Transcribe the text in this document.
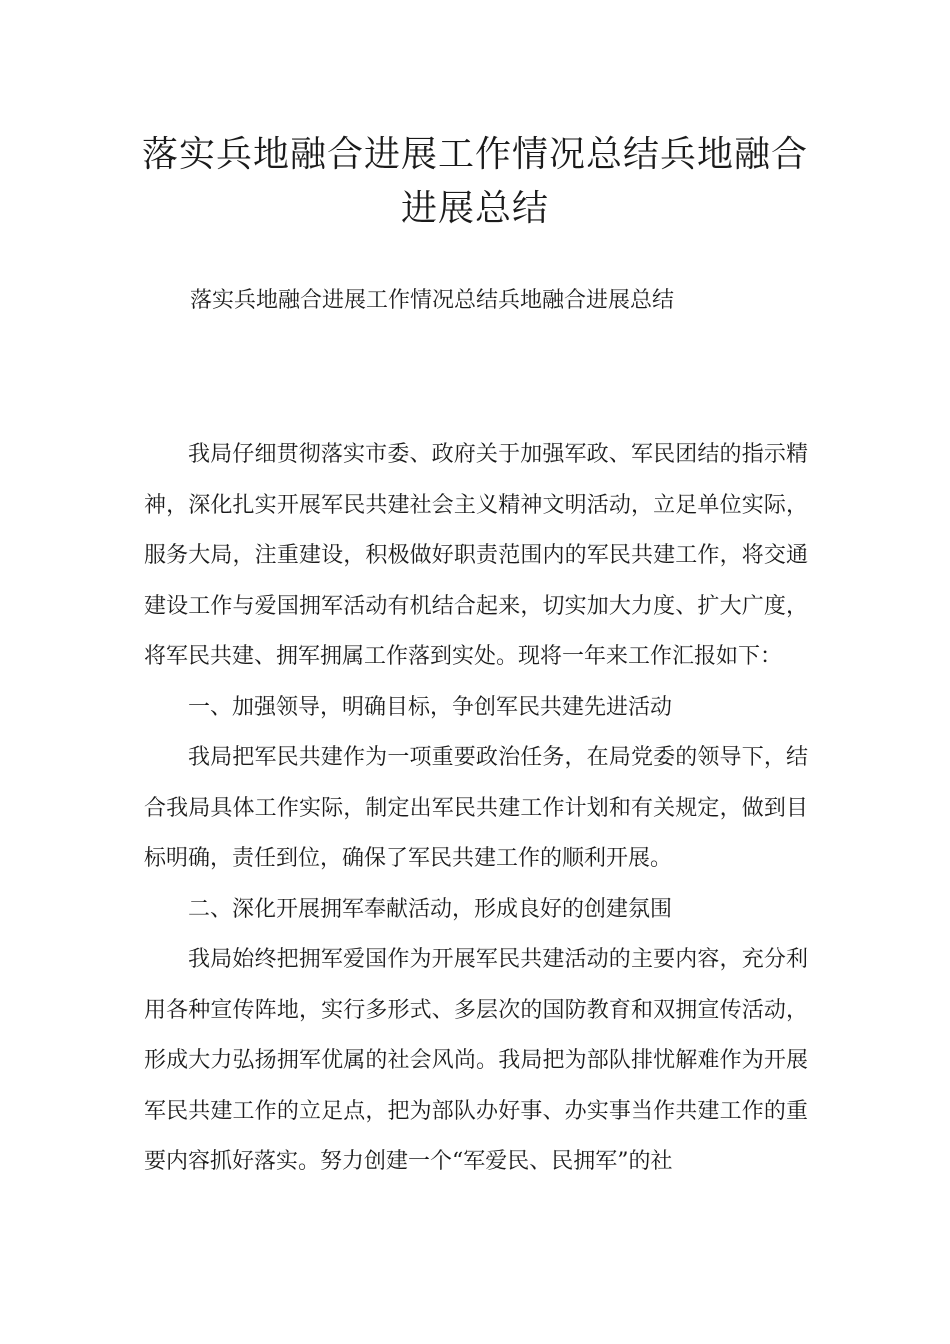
落实兵地融合进展工作情况总结兵地融合进展总结

落实兵地融合进展工作情况总结兵地融合进展总结

我局仔细贯彻落实市委、政府关于加强军政、军民团结的指示精神，深化扎实开展军民共建社会主义精神文明活动，立足单位实际，服务大局，注重建设，积极做好职责范围内的军民共建工作，将交通建设工作与爱国拥军活动有机结合起来，切实加大力度、扩大广度，将军民共建、拥军拥属工作落到实处。现将一年来工作汇报如下：

一、加强领导，明确目标，争创军民共建先进活动

我局把军民共建作为一项重要政治任务，在局党委的领导下，结合我局具体工作实际，制定出军民共建工作计划和有关规定，做到目标明确，责任到位，确保了军民共建工作的顺利开展。

二、深化开展拥军奉献活动，形成良好的创建氛围

我局始终把拥军爱国作为开展军民共建活动的主要内容，充分利用各种宣传阵地，实行多形式、多层次的国防教育和双拥宣传活动，形成大力弘扬拥军优属的社会风尚。我局把为部队排忧解难作为开展军民共建工作的立足点，把为部队办好事、办实事当作共建工作的重要内容抓好落实。努力创建一个“军爱民、民拥军”的社
